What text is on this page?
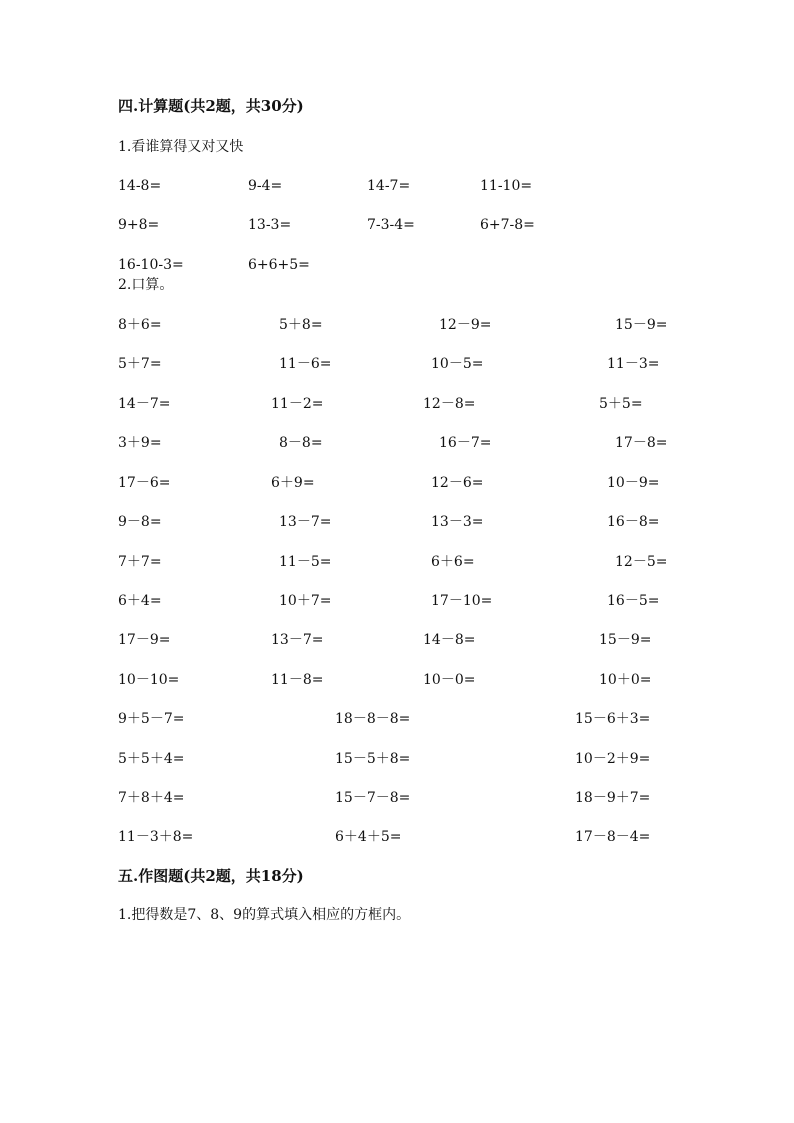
四.计算题(共2题，共30分)
1.看谁算得又对又快
14-8=	9-4=	14-7=	11-10=
9+8=	13-3=	7-3-4=	6+7-8=
16-10-3=	6+6+5=
2.口算。
8＋6=	5＋8=	12－9=	15－9=
5＋7=	11－6=	10－5=	11－3=
14－7=	11－2=	12－8=	5＋5=
3＋9=	8－8=	16－7=	17－8=
17－6=	6＋9=	12－6=	10－9=
9－8=	13－7=	13－3=	16－8=
7＋7=	11－5=	6＋6=	12－5=
6＋4=	10＋7=	17－10=	16－5=
17－9=	13－7=	14－8=	15－9=
10－10=	11－8=	10－0=	10＋0=
9＋5－7=	18－8－8=	15－6＋3=
5＋5＋4=	15－5＋8=	10－2＋9=
7＋8＋4=	15－7－8=	18－9＋7=
11－3＋8=	6＋4＋5=	17－8－4=
五.作图题(共2题，共18分)
1.把得数是7、8、9的算式填入相应的方框内。
